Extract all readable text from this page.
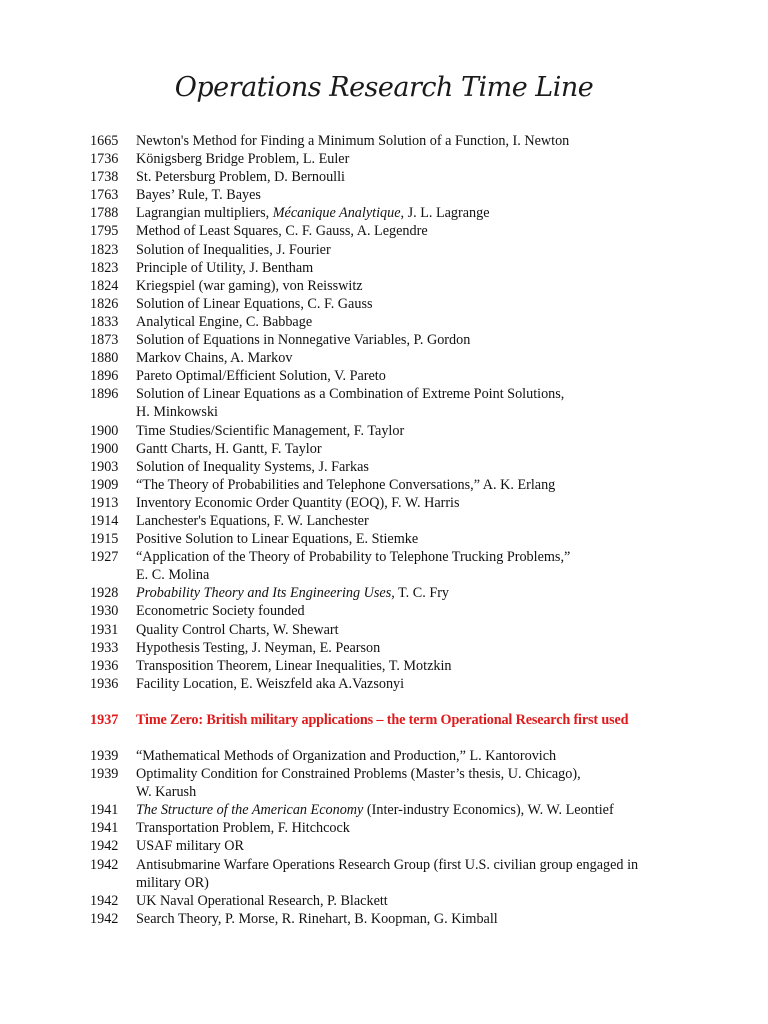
Operations Research Time Line
1665	Newton's Method for Finding a Minimum Solution of a Function, I. Newton
1736	Königsberg Bridge Problem, L. Euler
1738	St. Petersburg Problem, D. Bernoulli
1763	Bayes’ Rule, T. Bayes
1788	Lagrangian multipliers, Mécanique Analytique, J. L. Lagrange
1795	Method of Least Squares, C. F. Gauss, A. Legendre
1823	Solution of Inequalities, J. Fourier
1823	Principle of Utility, J. Bentham
1824	Kriegspiel (war gaming), von Reisswitz
1826	Solution of Linear Equations, C. F. Gauss
1833	Analytical Engine, C. Babbage
1873	Solution of Equations in Nonnegative Variables, P. Gordon
1880	Markov Chains, A. Markov
1896	Pareto Optimal/Efficient Solution, V. Pareto
1896	Solution of Linear Equations as a Combination of Extreme Point Solutions,
H. Minkowski
1900	Time Studies/Scientific Management, F. Taylor
1900	Gantt Charts, H. Gantt, F. Taylor
1903	Solution of Inequality Systems, J. Farkas
1909	“The Theory of Probabilities and Telephone Conversations,” A. K. Erlang
1913	Inventory Economic Order Quantity (EOQ), F. W. Harris
1914	Lanchester's Equations, F. W. Lanchester
1915	Positive Solution to Linear Equations, E. Stiemke
1927	“Application of the Theory of Probability to Telephone Trucking Problems,”
E. C. Molina
1928	Probability Theory and Its Engineering Uses, T. C. Fry
1930	Econometric Society founded
1931	Quality Control Charts, W. Shewart
1933	Hypothesis Testing, J. Neyman, E. Pearson
1936	Transposition Theorem, Linear Inequalities, T. Motzkin
1936	Facility Location, E. Weiszfeld aka A.Vazsonyi
1937	Time Zero: British military applications – the term Operational Research first used
1939	“Mathematical Methods of Organization and Production,” L. Kantorovich
1939	Optimality Condition for Constrained Problems (Master’s thesis, U. Chicago),
W. Karush
1941	The Structure of the American Economy (Inter-industry Economics), W. W. Leontief
1941	Transportation Problem, F. Hitchcock
1942	USAF military OR
1942	Antisubmarine Warfare Operations Research Group (first U.S. civilian group engaged in
military OR)
1942	UK Naval Operational Research, P. Blackett
1942	Search Theory, P. Morse, R. Rinehart, B. Koopman, G. Kimball
